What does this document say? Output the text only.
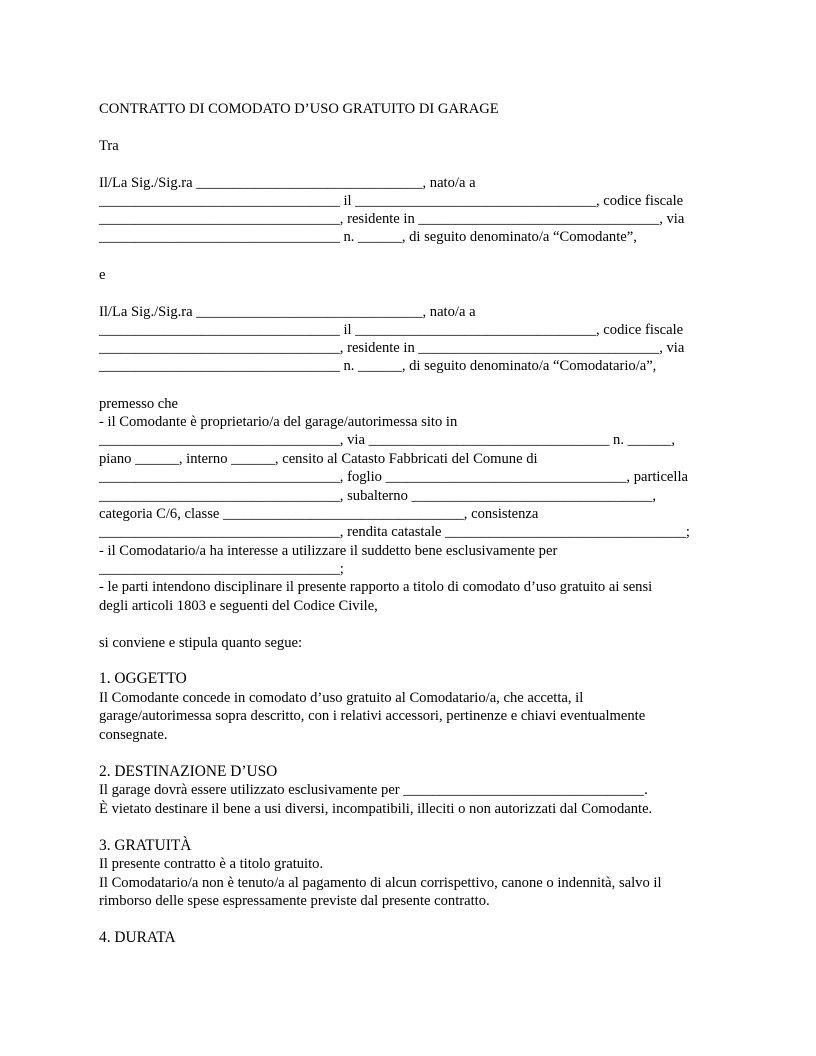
CONTRATTO DI COMODATO D’USO GRATUITO DI GARAGE

Tra

Il/La Sig./Sig.ra _______________________________, nato/a a

_________________________________ il _________________________________, codice fiscale

_________________________________, residente in _________________________________, via

_________________________________ n. ______, di seguito denominato/a “Comodante”,

e

Il/La Sig./Sig.ra _______________________________, nato/a a

_________________________________ il _________________________________, codice fiscale

_________________________________, residente in _________________________________, via

_________________________________ n. ______, di seguito denominato/a “Comodatario/a”,

premesso che

- il Comodante è proprietario/a del garage/autorimessa sito in

_________________________________, via _________________________________ n. ______,

piano ______, interno ______, censito al Catasto Fabbricati del Comune di

_________________________________, foglio _________________________________, particella

_________________________________, subalterno _________________________________,

categoria C/6, classe _________________________________, consistenza

_________________________________, rendita catastale _________________________________;

- il Comodatario/a ha interesse a utilizzare il suddetto bene esclusivamente per

_________________________________;

- le parti intendono disciplinare il presente rapporto a titolo di comodato d’uso gratuito ai sensi

degli articoli 1803 e seguenti del Codice Civile,

si conviene e stipula quanto segue:

1. OGGETTO

Il Comodante concede in comodato d’uso gratuito al Comodatario/a, che accetta, il

garage/autorimessa sopra descritto, con i relativi accessori, pertinenze e chiavi eventualmente

consegnate.

2. DESTINAZIONE D’USO

Il garage dovrà essere utilizzato esclusivamente per _________________________________.

È vietato destinare il bene a usi diversi, incompatibili, illeciti o non autorizzati dal Comodante.

3. GRATUITÀ

Il presente contratto è a titolo gratuito.

Il Comodatario/a non è tenuto/a al pagamento di alcun corrispettivo, canone o indennità, salvo il

rimborso delle spese espressamente previste dal presente contratto.

4. DURATA
